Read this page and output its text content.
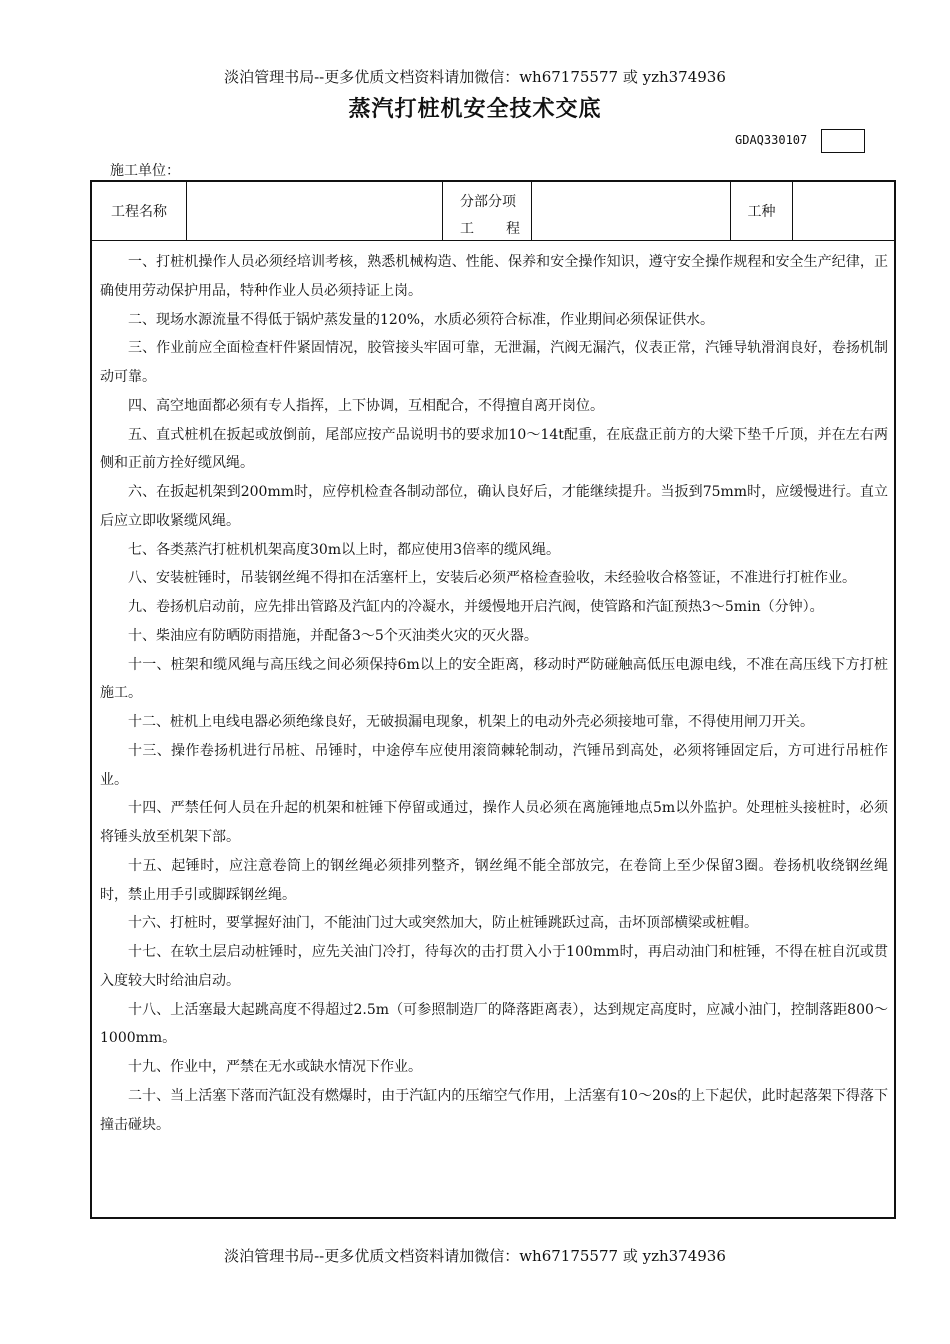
淡泊管理书局--更多优质文档资料请加微信：wh67175577 或 yzh374936
蒸汽打桩机安全技术交底
GDAQ330107
施工单位：
工程名称
分部分项
工 程
工种

一、打桩机操作人员必须经培训考核，熟悉机械构造、性能、保养和安全操作知识，遵守安全操作规程和安全生产纪律，正确使用劳动保护用品，特种作业人员必须持证上岗。

二、现场水源流量不得低于锅炉蒸发量的120%，水质必须符合标准，作业期间必须保证供水。

三、作业前应全面检查杆件紧固情况，胶管接头牢固可靠，无泄漏，汽阀无漏汽，仪表正常，汽锤导轨滑润良好，卷扬机制动可靠。

四、高空地面都必须有专人指挥，上下协调，互相配合，不得擅自离开岗位。

五、直式桩机在扳起或放倒前，尾部应按产品说明书的要求加10～14t配重，在底盘正前方的大梁下垫千斤顶，并在左右两侧和正前方拴好缆风绳。

六、在扳起机架到200mm时，应停机检查各制动部位，确认良好后，才能继续提升。当扳到75mm时，应缓慢进行。直立后应立即收紧缆风绳。

七、各类蒸汽打桩机机架高度30m以上时，都应使用3倍率的缆风绳。

八、安装桩锤时，吊装钢丝绳不得扣在活塞杆上，安装后必须严格检查验收，未经验收合格签证，不准进行打桩作业。

九、卷扬机启动前，应先排出管路及汽缸内的冷凝水，并缓慢地开启汽阀，使管路和汽缸预热3～5min（分钟）。

十、柴油应有防晒防雨措施，并配备3～5个灭油类火灾的灭火器。

十一、桩架和缆风绳与高压线之间必须保持6m以上的安全距离，移动时严防碰触高低压电源电线，不准在高压线下方打桩施工。

十二、桩机上电线电器必须绝缘良好，无破损漏电现象，机架上的电动外壳必须接地可靠，不得使用闸刀开关。

十三、操作卷扬机进行吊桩、吊锤时，中途停车应使用滚筒棘轮制动，汽锤吊到高处，必须将锤固定后，方可进行吊桩作业。

十四、严禁任何人员在升起的机架和桩锤下停留或通过，操作人员必须在离施锤地点5m以外监护。处理桩头接桩时，必须将锤头放至机架下部。

十五、起锤时，应注意卷筒上的钢丝绳必须排列整齐，钢丝绳不能全部放完，在卷筒上至少保留3圈。卷扬机收绕钢丝绳时，禁止用手引或脚踩钢丝绳。

十六、打桩时，要掌握好油门，不能油门过大或突然加大，防止桩锤跳跃过高，击坏顶部横梁或桩帽。

十七、在软土层启动桩锤时，应先关油门冷打，待每次的击打贯入小于100mm时，再启动油门和桩锤，不得在桩自沉或贯入度较大时给油启动。

十八、上活塞最大起跳高度不得超过2.5m（可参照制造厂的降落距离表），达到规定高度时，应减小油门，控制落距800～1000mm。

十九、作业中，严禁在无水或缺水情况下作业。

二十、当上活塞下落而汽缸没有燃爆时，由于汽缸内的压缩空气作用，上活塞有10～20s的上下起伏，此时起落架下得落下撞击碰块。

淡泊管理书局--更多优质文档资料请加微信：wh67175577 或 yzh374936
